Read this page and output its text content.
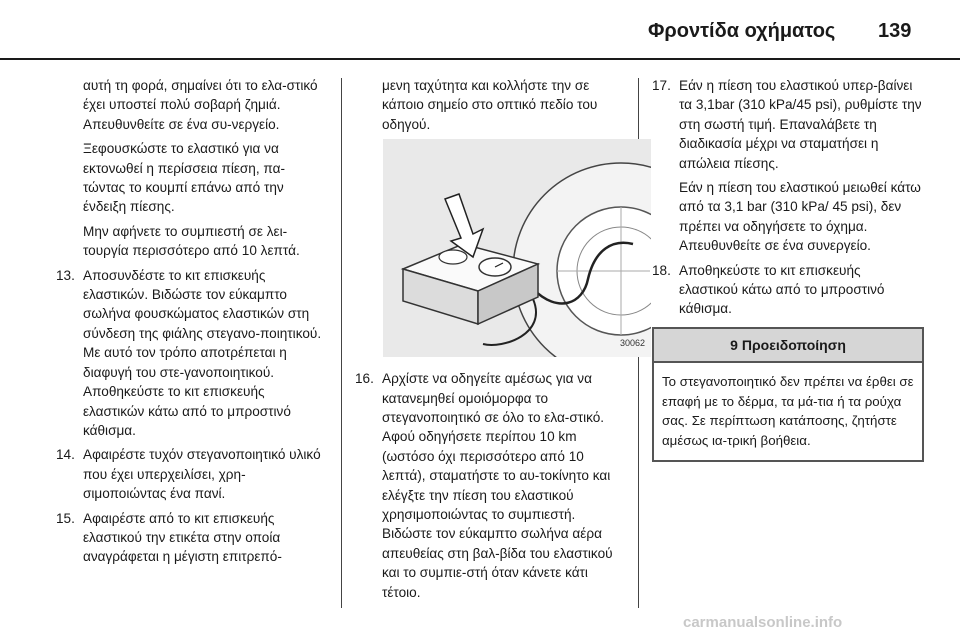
Φροντίδα οχήματος 139

αυτή τη φορά, σημαίνει ότι το ελα-στικό έχει υποστεί πολύ σοβαρή ζημιά. Απευθυνθείτε σε ένα συ-νεργείο.

Ξεφουσκώστε το ελαστικό για να εκτονωθεί η περίσσεια πίεση, πα-τώντας το κουμπί επάνω από την ένδειξη πίεσης.

Μην αφήνετε το συμπιεστή σε λει-τουργία περισσότερο από 10 λεπτά.

13. Αποσυνδέστε το κιτ επισκευής ελαστικών. Βιδώστε τον εύκαμπτο σωλήνα φουσκώματος ελαστικών στη σύνδεση της φιάλης στεγανο-ποιητικού. Με αυτό τον τρόπο αποτρέπεται η διαφυγή του στε-γανοποιητικού. Αποθηκεύστε το κιτ επισκευής ελαστικών κάτω από το μπροστινό κάθισμα.

14. Αφαιρέστε τυχόν στεγανοποιητικό υλικό που έχει υπερχειλίσει, χρη-σιμοποιώντας ένα πανί.

15. Αφαιρέστε από το κιτ επισκευής ελαστικού την ετικέτα στην οποία αναγράφεται η μέγιστη επιτρεπό-

μενη ταχύτητα και κολλήστε την σε κάποιο σημείο στο οπτικό πεδίο του οδηγού.

30062
16. Αρχίστε να οδηγείτε αμέσως για να κατανεμηθεί ομοιόμορφα το στεγανοποιητικό σε όλο το ελα-στικό. Αφού οδηγήσετε περίπου 10 km (ωστόσο όχι περισσότερο από 10 λεπτά), σταματήστε το αυ-τοκίνητο και ελέγξτε την πίεση του ελαστικού χρησιμοποιώντας το συμπιεστή. Βιδώστε τον εύκαμπτο σωλήνα αέρα απευθείας στη βαλ-βίδα του ελαστικού και το συμπιε-στή όταν κάνετε κάτι τέτοιο.

17. Εάν η πίεση του ελαστικού υπερ-βαίνει τα 3,1bar (310 kPa/45 psi), ρυθμίστε την στη σωστή τιμή. Επαναλάβετε τη διαδικασία μέχρι να σταματήσει η απώλεια πίεσης.

Εάν η πίεση του ελαστικού μειωθεί κάτω από τα 3,1 bar (310 kPa/ 45 psi), δεν πρέπει να οδηγήσετε το όχημα. Απευθυνθείτε σε ένα συνεργείο.

18. Αποθηκεύστε το κιτ επισκευής ελαστικού κάτω από το μπροστινό κάθισμα.

9 Προειδοποίηση

Το στεγανοποιητικό δεν πρέπει να έρθει σε επαφή με το δέρμα, τα μά-τια ή τα ρούχα σας. Σε περίπτωση κατάποσης, ζητήστε αμέσως ια-τρική βοήθεια.

carmanualsonline.info
